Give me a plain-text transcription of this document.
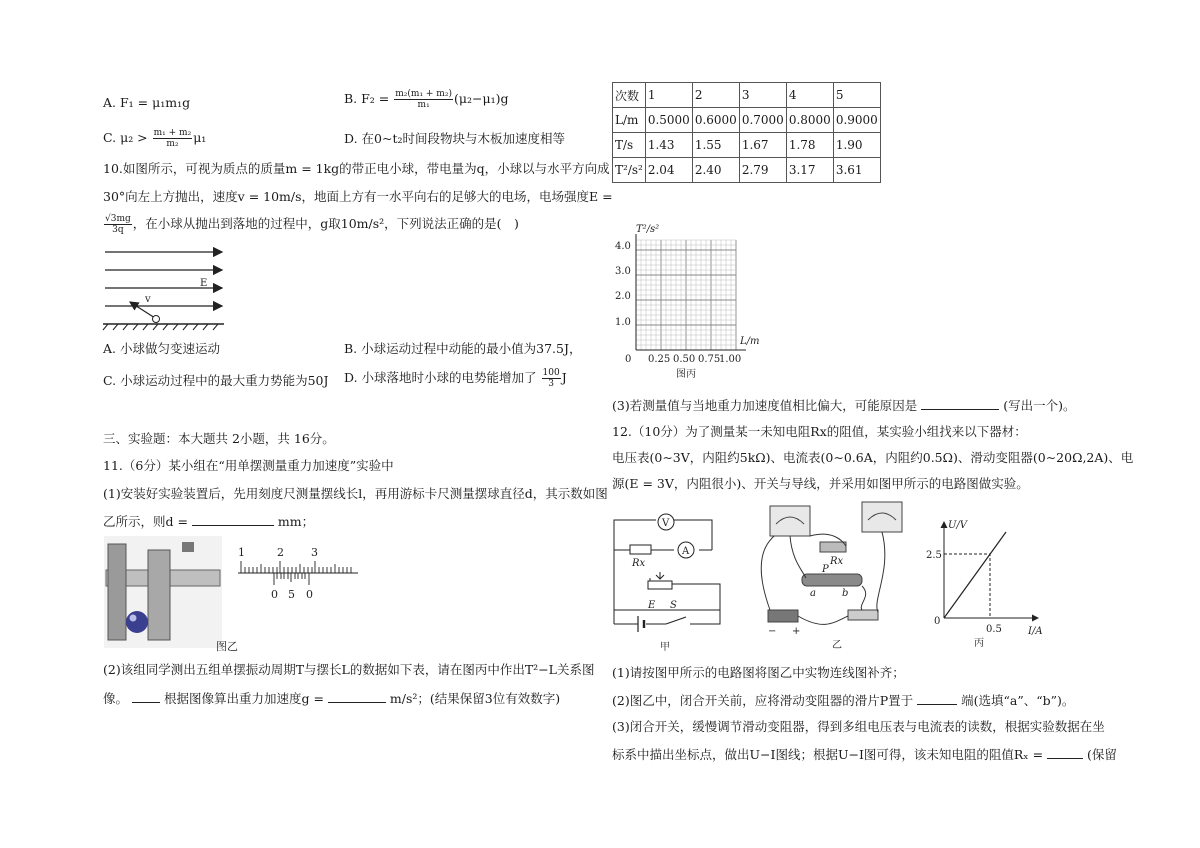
A. F₁ = μ₁m₁g	B. $F_2 = \frac{\text{m₂(m₁ + m₂)}}{\text{m₁}} (\mu_2-\mu_1)g$
C. $\mu_2 > \frac{\text{m₁ + m₂}}{\text{m₂}} \mu_1$	D. 在0~t₂时间段物块与木板加速度相等
10.如图所示，可视为质点的质量m = 1kg的带正电小球，带电量为q，小球以与水平方向成
30°向左上方抛出，速度v = 10m/s，地面上方有一水平向右的足够大的电场，电场强度E =
$\frac{√3mg}{3q}$ ，在小球从抛出到落地的过程中，g取10m/s²，下列说法正确的是(　)
E
v
A. 小球做匀变速运动	B. 小球运动过程中动能的最小值为37.5J，
C. 小球运动过程中的最大重力势能为50J D. 小球落地时小球的电势能增加了 $\frac{100}{3}$ J
三、实验题：本大题共 2小题，共 16分。
11.（6分）某小组在“用单摆测量重力加速度”实验中
(1)安装好实验装置后，先用刻度尺测量摆线长l，再用游标卡尺测量摆球直径d，其示数如图
乙所示，则d =	mm；
1	2 3
0 5 0
图乙
(2)该组同学测出五组单摆振动周期T与摆长L的数据如下表，请在图丙中作出T²−L关系图
像。	根据图像算出重力加速度g =	m/s²；(结果保留3位有效数字)
次数	1	2	3	4	5
L/m	0.5000	0.6000	0.7000	0.8000	0.9000
T/s	1.43	1.55	1.67	1.78	1.90
T²/s²	2.04	2.40	2.79	3.17	3.61
T²/s²
L/m
4.0
3.0
2.0
1.0
0 0.25 0.50 0.75
1.00
图丙
(3)若测量值与当地重力加速度值相比偏大，可能原因是	(写出一个)。
12.（10分）为了测量某一未知电阻Rx的阻值，某实验小组找来以下器材：
电压表(0∼3V，内阻约5kΩ)、电流表(0∼0.6A，内阻约0.5Ω)、滑动变阻器(0∼20Ω,2A)、电
源(E = 3V，内阻很小)、开关与导线，并采用如图甲所示的电路图做实验。
Rx
A
V
E S
甲
Rx
P
a	b
− +
乙
U/V
I/A
0
2.5
0.5
丙
(1)请按图甲所示的电路图将图乙中实物连线图补齐；
(2)图乙中，闭合开关前，应将滑动变阻器的滑片P置于	端(选填“a”、“b”)。
(3)闭合开关，缓慢调节滑动变阻器，得到多组电压表与电流表的读数，根据实验数据在坐
标系中描出坐标点，做出U−I图线；根据U−I图可得，该未知电阻的阻值Rₓ =	(保留
